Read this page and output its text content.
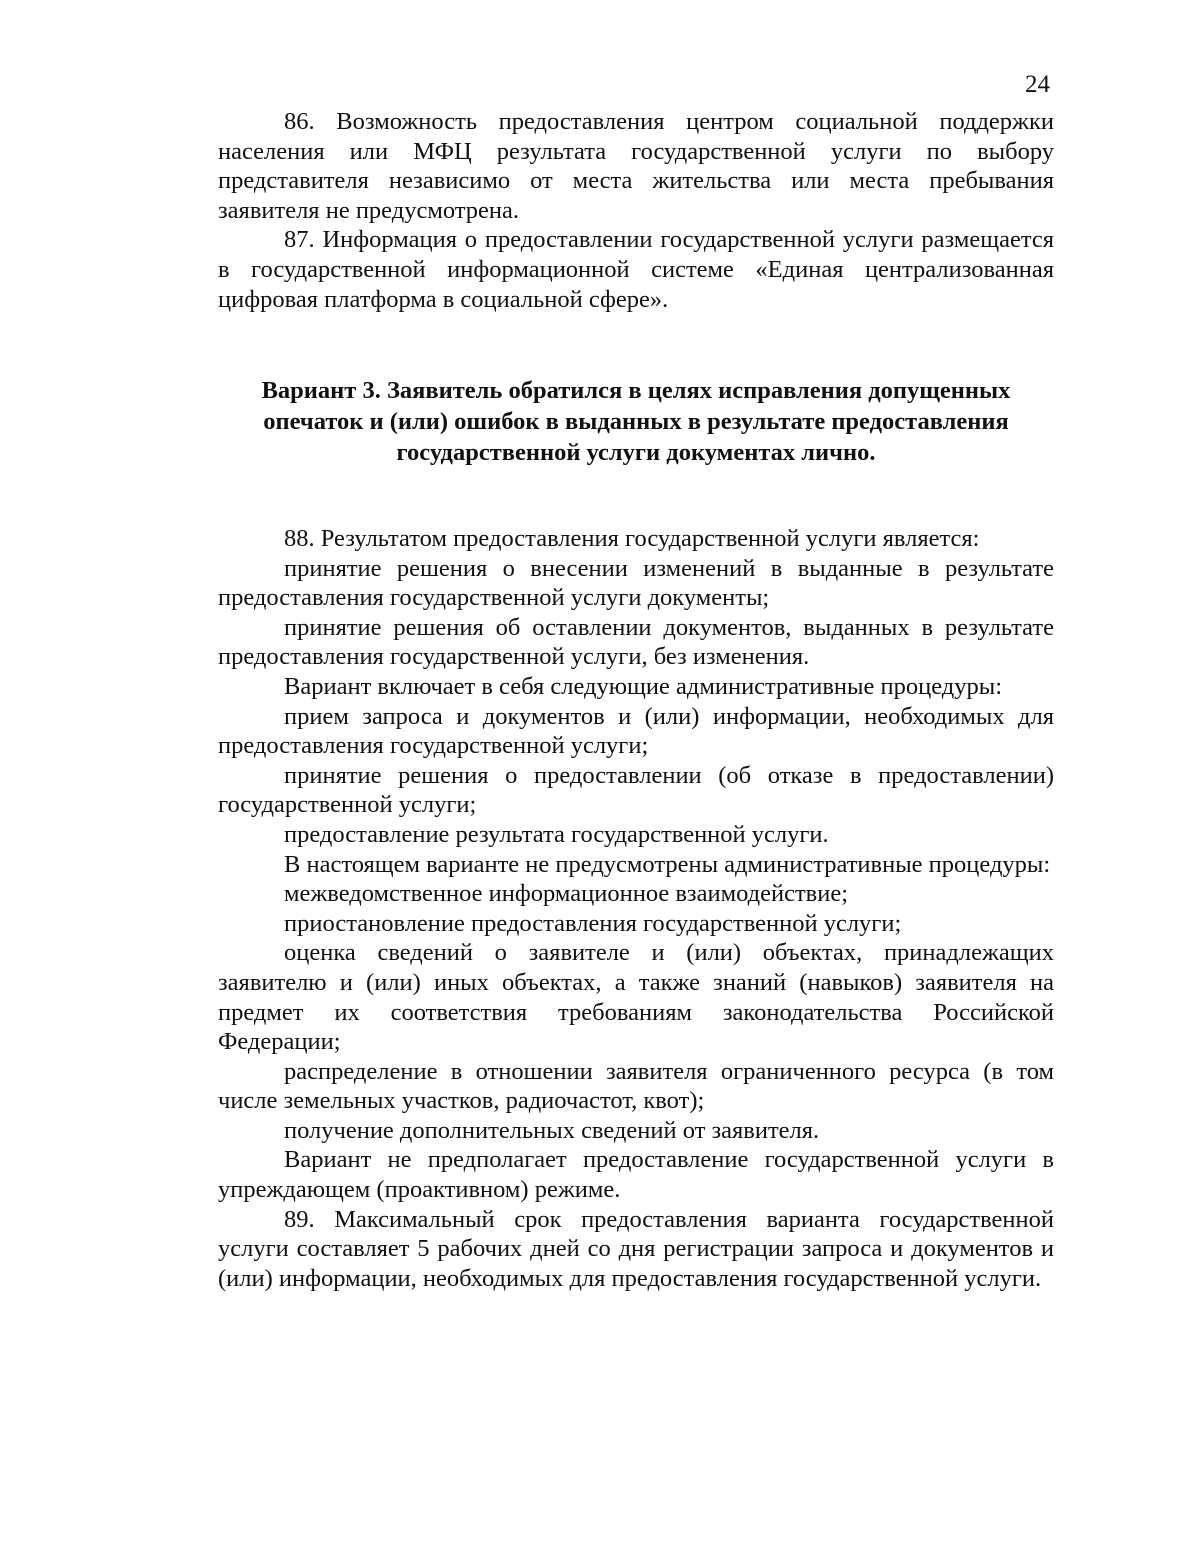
24

86. Возможность предоставления центром социальной поддержки населения или МФЦ результата государственной услуги по выбору представителя независимо от места жительства или места пребывания заявителя не предусмотрена.

87. Информация о предоставлении государственной услуги размещается в государственной информационной системе «Единая централизованная цифровая платформа в социальной сфере».

Вариант 3. Заявитель обратился в целях исправления допущенных
опечаток и (или) ошибок в выданных в результате предоставления
государственной услуги документах лично.

88. Результатом предоставления государственной услуги является:

принятие решения о внесении изменений в выданные в результате предоставления государственной услуги документы;

принятие решения об оставлении документов, выданных в результате предоставления государственной услуги, без изменения.

Вариант включает в себя следующие административные процедуры:

прием запроса и документов и (или) информации, необходимых для предоставления государственной услуги;

принятие решения о предоставлении (об отказе в предоставлении) государственной услуги;

предоставление результата государственной услуги.

В настоящем варианте не предусмотрены административные процедуры:

межведомственное информационное взаимодействие;

приостановление предоставления государственной услуги;

оценка сведений о заявителе и (или) объектах, принадлежащих заявителю и (или) иных объектах, а также знаний (навыков) заявителя на предмет их соответствия требованиям законодательства Российской Федерации;

распределение в отношении заявителя ограниченного ресурса (в том числе земельных участков, радиочастот, квот);

получение дополнительных сведений от заявителя.

Вариант не предполагает предоставление государственной услуги в упреждающем (проактивном) режиме.

89. Максимальный срок предоставления варианта государственной услуги составляет 5 рабочих дней со дня регистрации запроса и документов и (или) информации, необходимых для предоставления государственной услуги.
